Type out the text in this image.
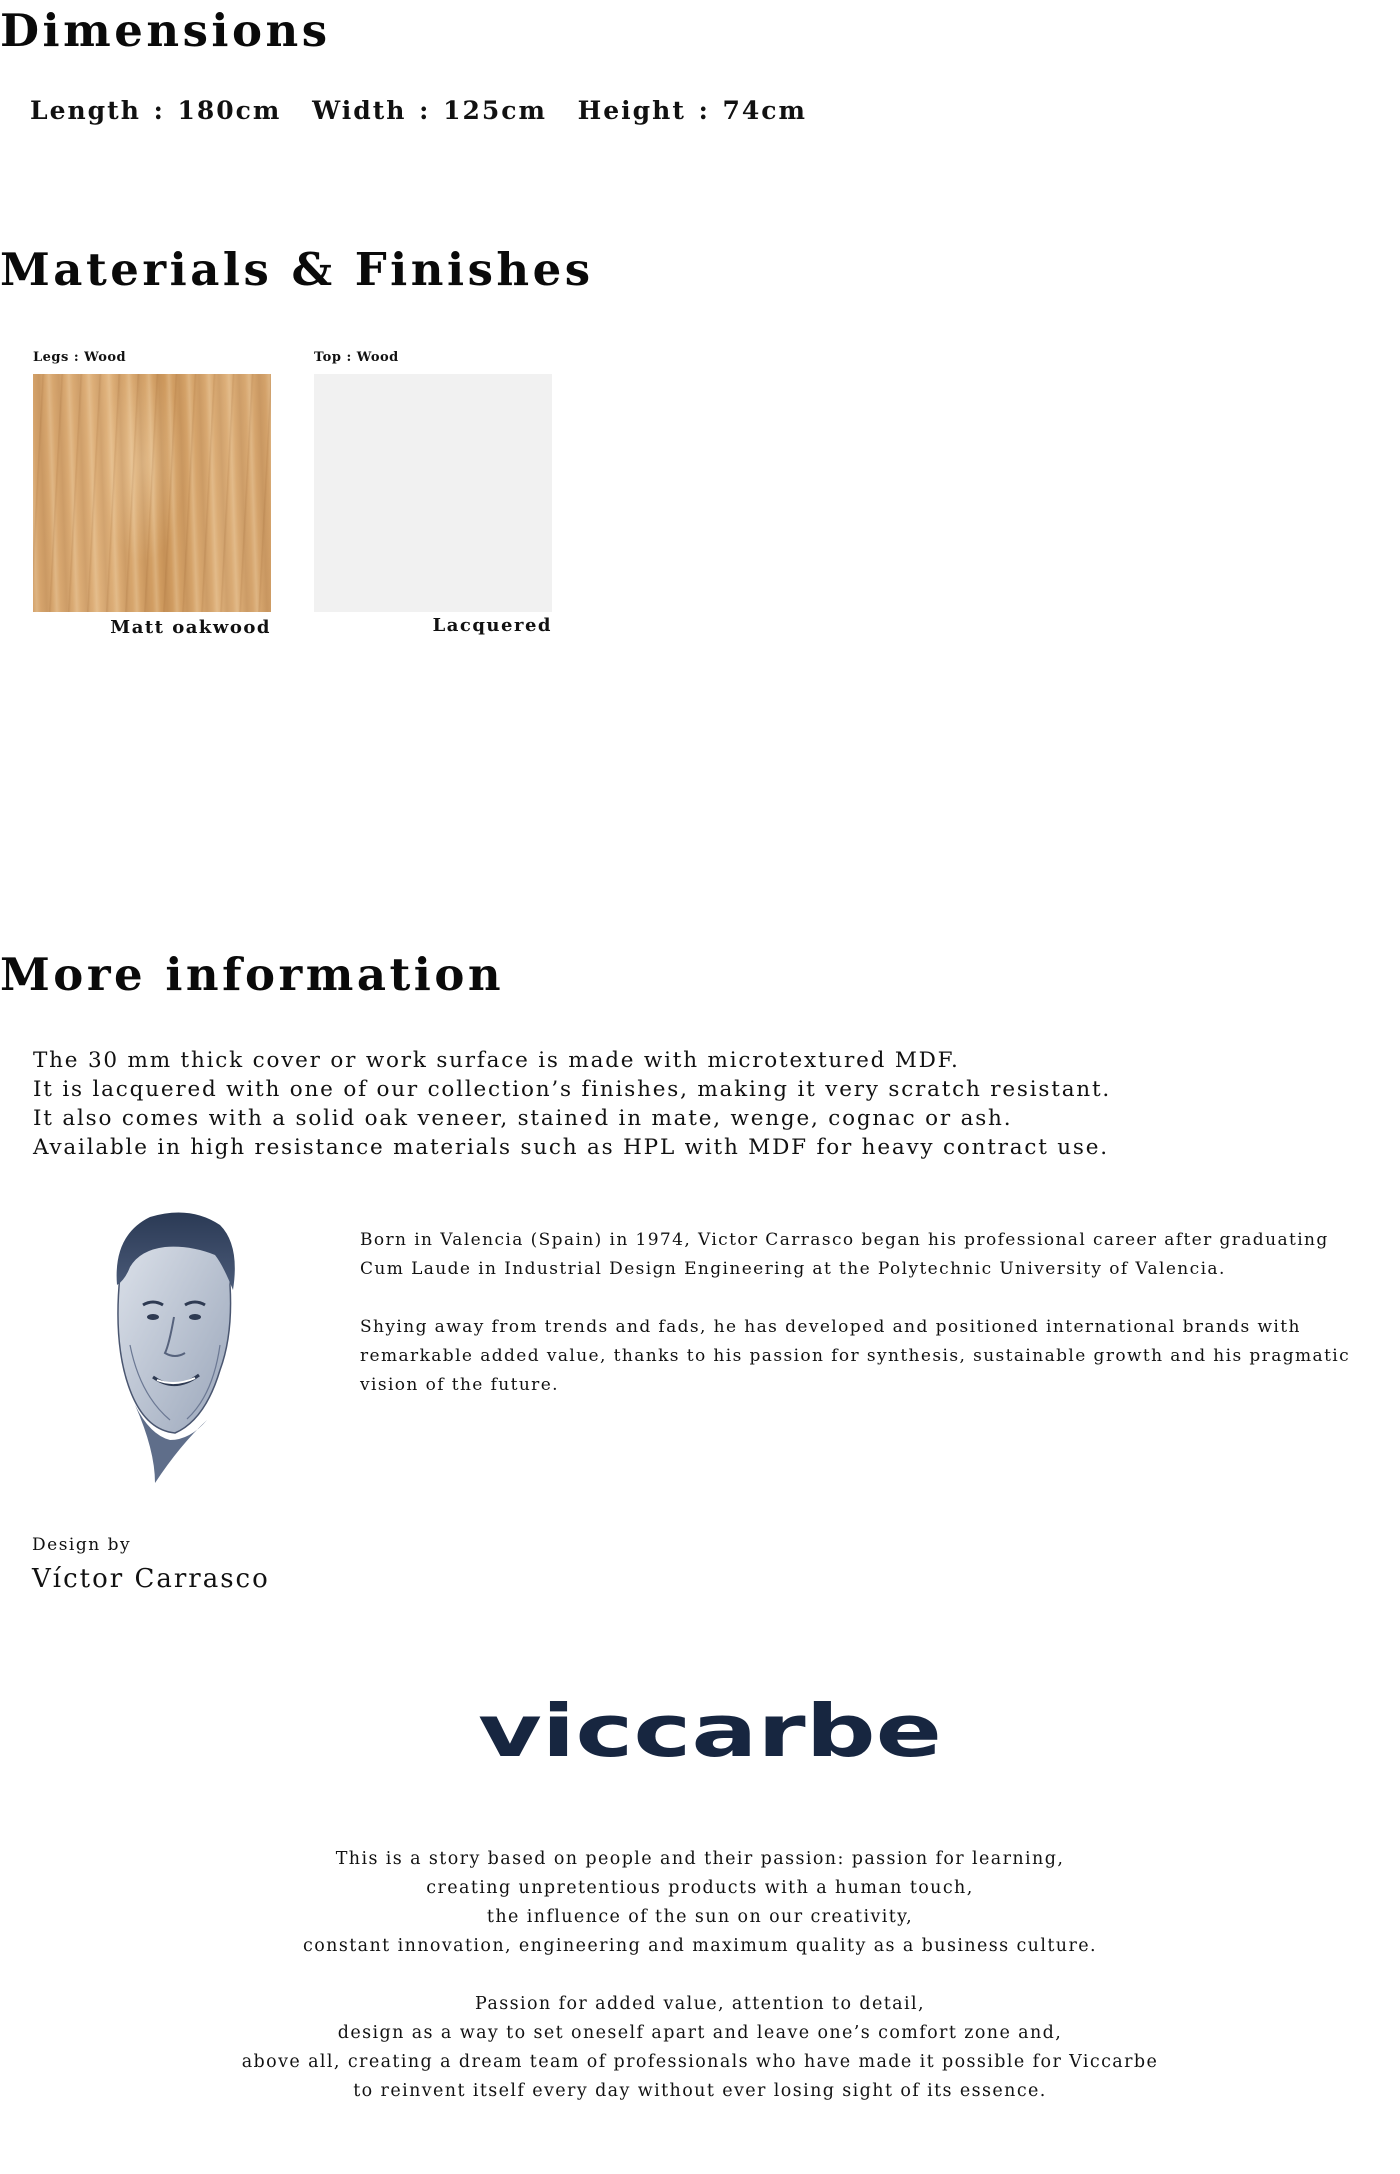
Dimensions
Length : 180cm Width : 125cm Height : 74cm
Materials & Finishes
Legs : Wood
Matt oakwood
Top : Wood
Lacquered
More information
The 30 mm thick cover or work surface is made with microtextured MDF.
It is lacquered with one of our collection’s finishes, making it very scratch resistant.
It also comes with a solid oak veneer, stained in mate, wenge, cognac or ash.
Available in high resistance materials such as HPL with MDF for heavy contract use.

Born in Valencia (Spain) in 1974, Victor Carrasco began his professional career after graduating
Cum Laude in Industrial Design Engineering at the Polytechnic University of Valencia.

Shying away from trends and fads, he has developed and positioned international brands with
remarkable added value, thanks to his passion for synthesis, sustainable growth and his pragmatic
vision of the future.

Design by
Víctor Carrasco
viccarbe
This is a story based on people and their passion: passion for learning,
creating unpretentious products with a human touch,
the influence of the sun on our creativity,
constant innovation, engineering and maximum quality as a business culture.
Passion for added value, attention to detail,
design as a way to set oneself apart and leave one’s comfort zone and,
above all, creating a dream team of professionals who have made it possible for Viccarbe
to reinvent itself every day without ever losing sight of its essence.
